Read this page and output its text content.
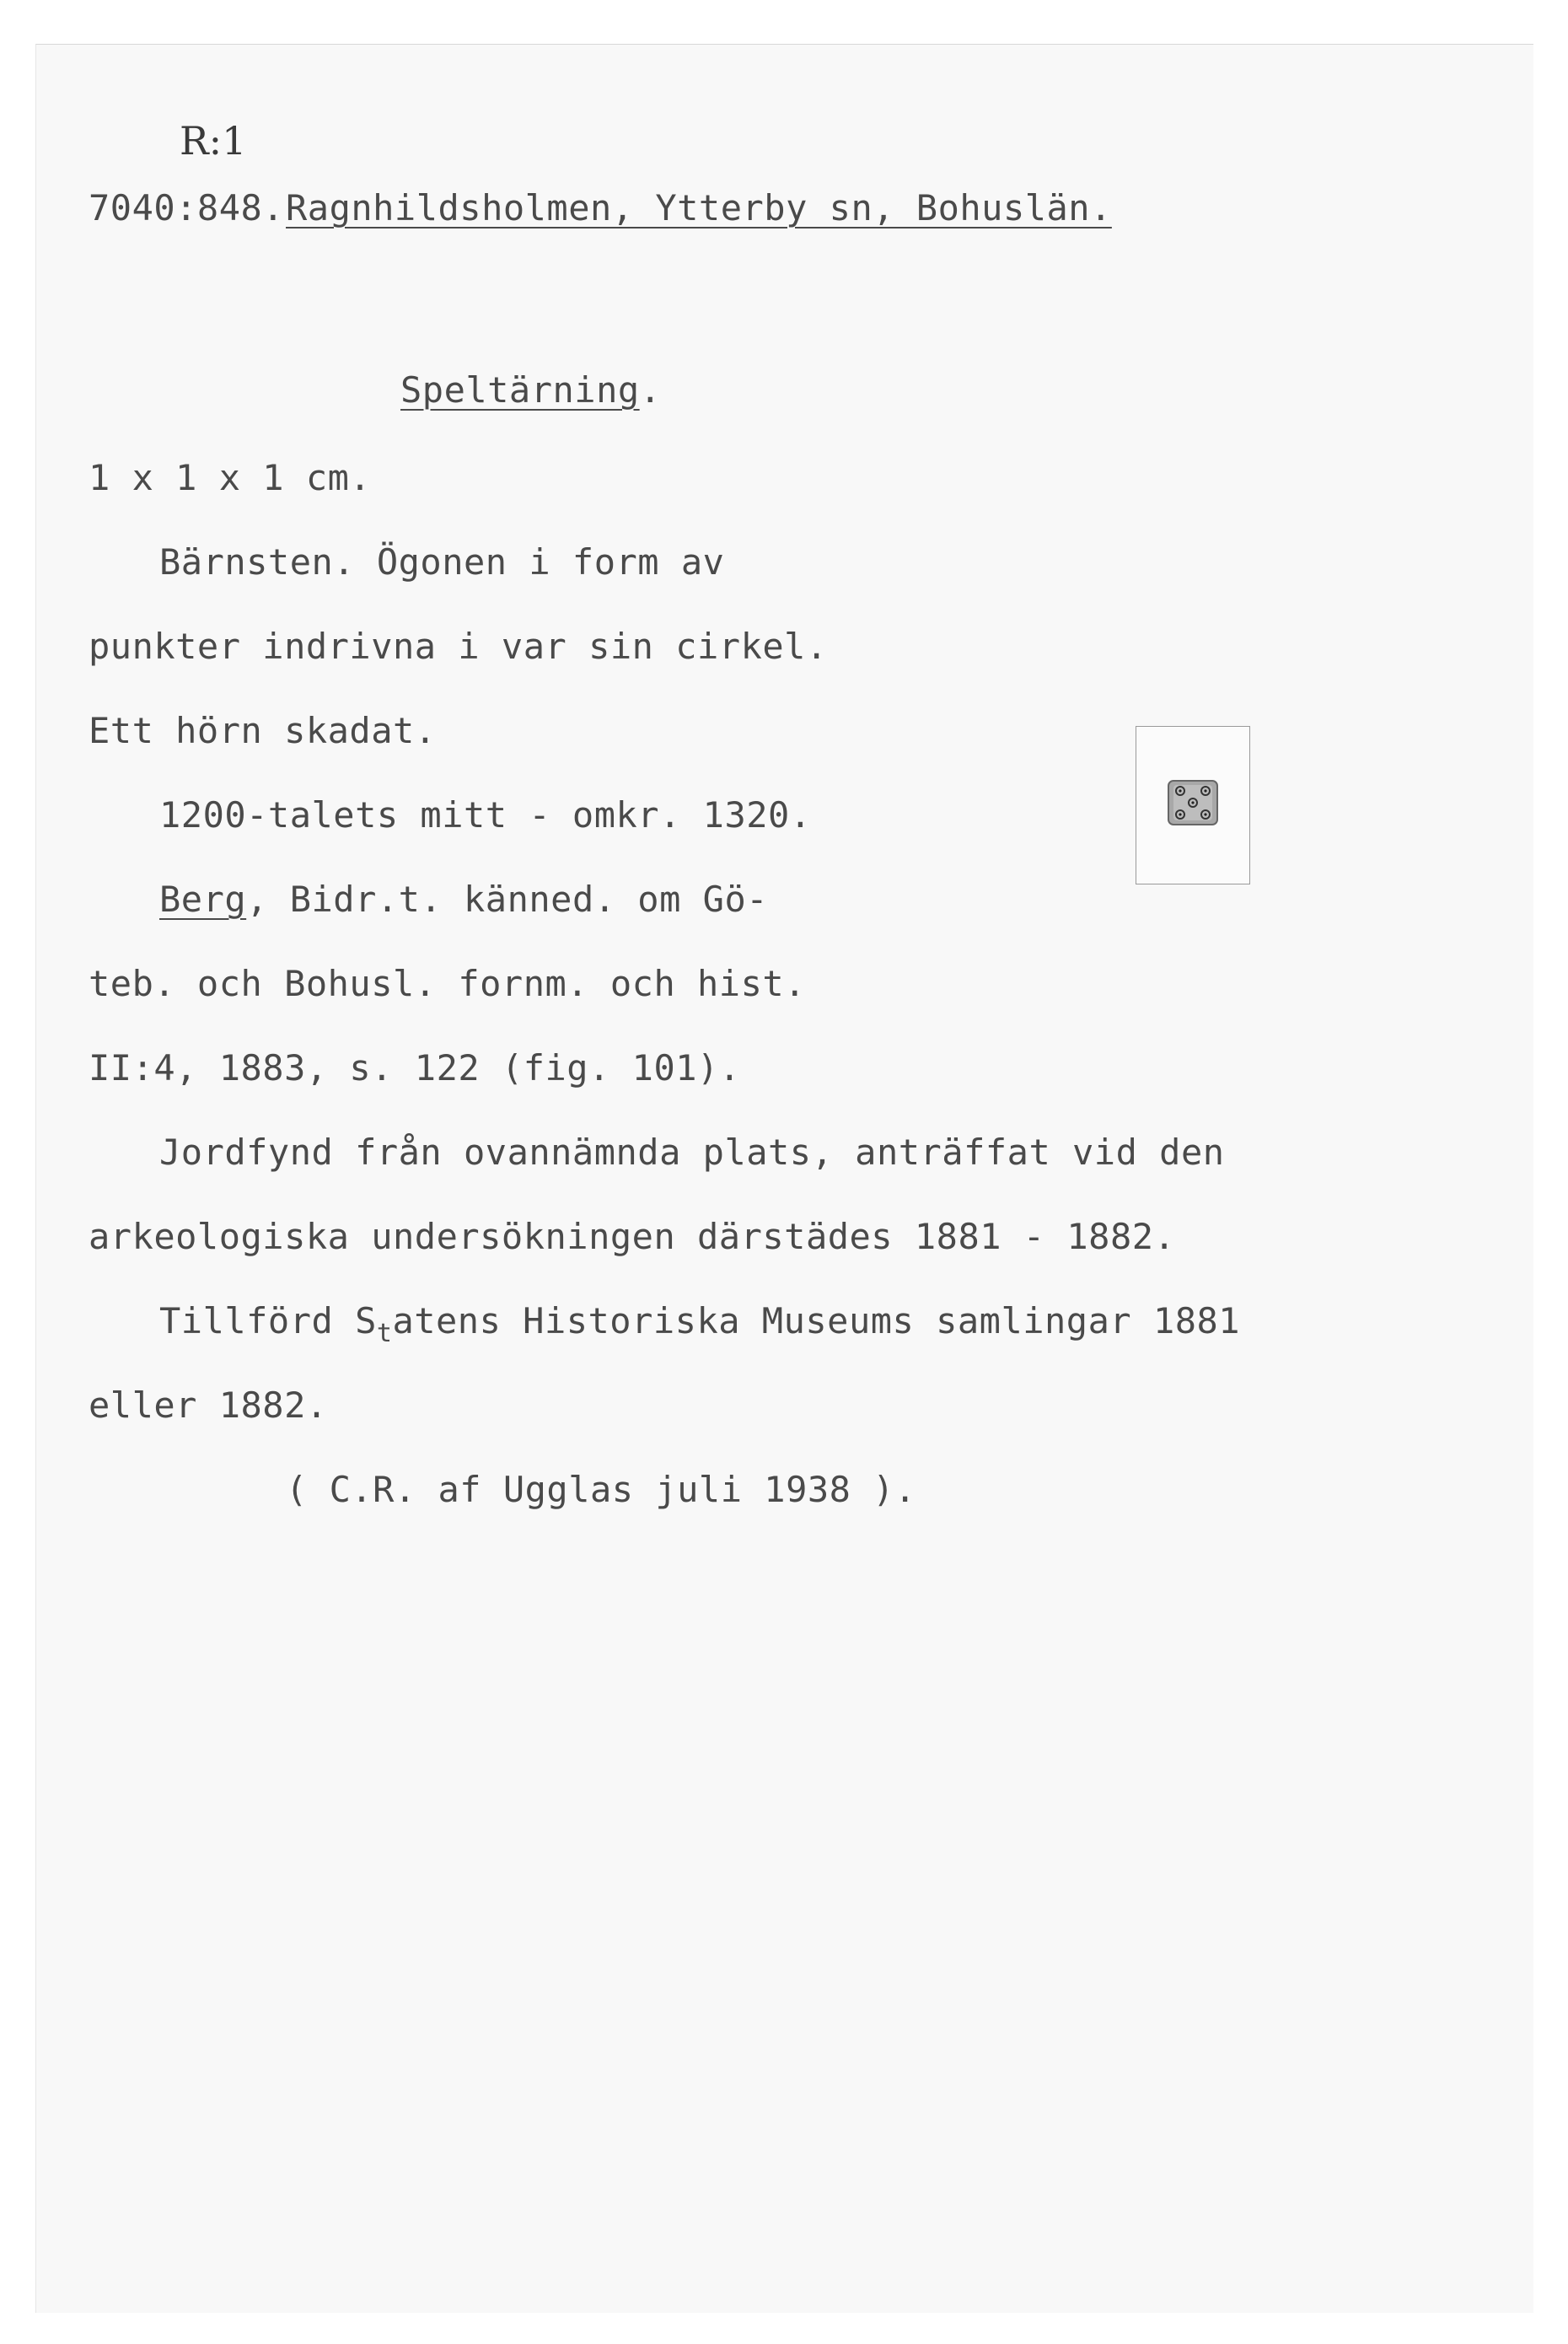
R:1
7040:848. Ragnhildsholmen, Ytterby sn, Bohuslän.
Speltärning.
1 x 1 x 1 cm.
Bärnsten. Ögonen i form av
punkter indrivna i var sin cirkel.
Ett hörn skadat.
1200-talets mitt - omkr. 1320.
Berg, Bidr.t. känned. om Gö-
teb. och Bohusl. fornm. och hist.
II:4, 1883, s. 122 (fig. 101).
Jordfynd från ovannämnda plats, anträffat vid den
arkeologiska undersökningen därstädes 1881 - 1882.
Tillförd $S_tatens$ Historiska Museums samlingar 1881
eller 1882.
( C.R. af Ugglas juli 1938 ).
